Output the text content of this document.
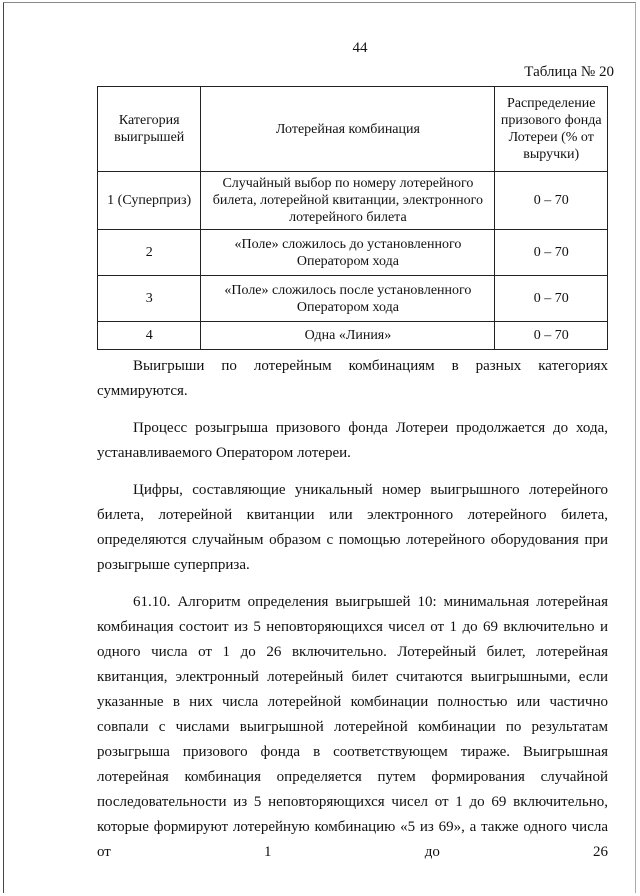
44
Таблица № 20
Категория выигрышей	Лотерейная комбинация	Распределение призового фонда Лотереи (% от выручки)
1 (Суперприз)	Случайный выбор по номеру лотерейного билета, лотерейной квитанции, электронного лотерейного билета	0 – 70
2	«Поле» сложилось до установленного Оператором хода	0 – 70
3	«Поле» сложилось после установленного Оператором хода	0 – 70
4	Одна «Линия»	0 – 70

Выигрыши по лотерейным комбинациям в разных категориях суммируются.

Процесс розыгрыша призового фонда Лотереи продолжается до хода, устанавливаемого Оператором лотереи.

Цифры, составляющие уникальный номер выигрышного лотерейного билета, лотерейной квитанции или электронного лотерейного билета, определяются случайным образом с помощью лотерейного оборудования при розыгрыше суперприза.

61.10. Алгоритм определения выигрышей 10: минимальная лотерейная комбинация состоит из 5 неповторяющихся чисел от 1 до 69 включительно и одного числа от 1 до 26 включительно. Лотерейный билет, лотерейная квитанция, электронный лотерейный билет считаются выигрышными, если указанные в них числа лотерейной комбинации полностью или частично совпали с числами выигрышной лотерейной комбинации по результатам розыгрыша призового фонда в соответствующем тираже. Выигрышная лотерейная комбинация определяется путем формирования случайной последовательности из 5 неповторяющихся чисел от 1 до 69 включительно, которые формируют лотерейную комбинацию «5 из 69», а также одного числа от 1 до 26
